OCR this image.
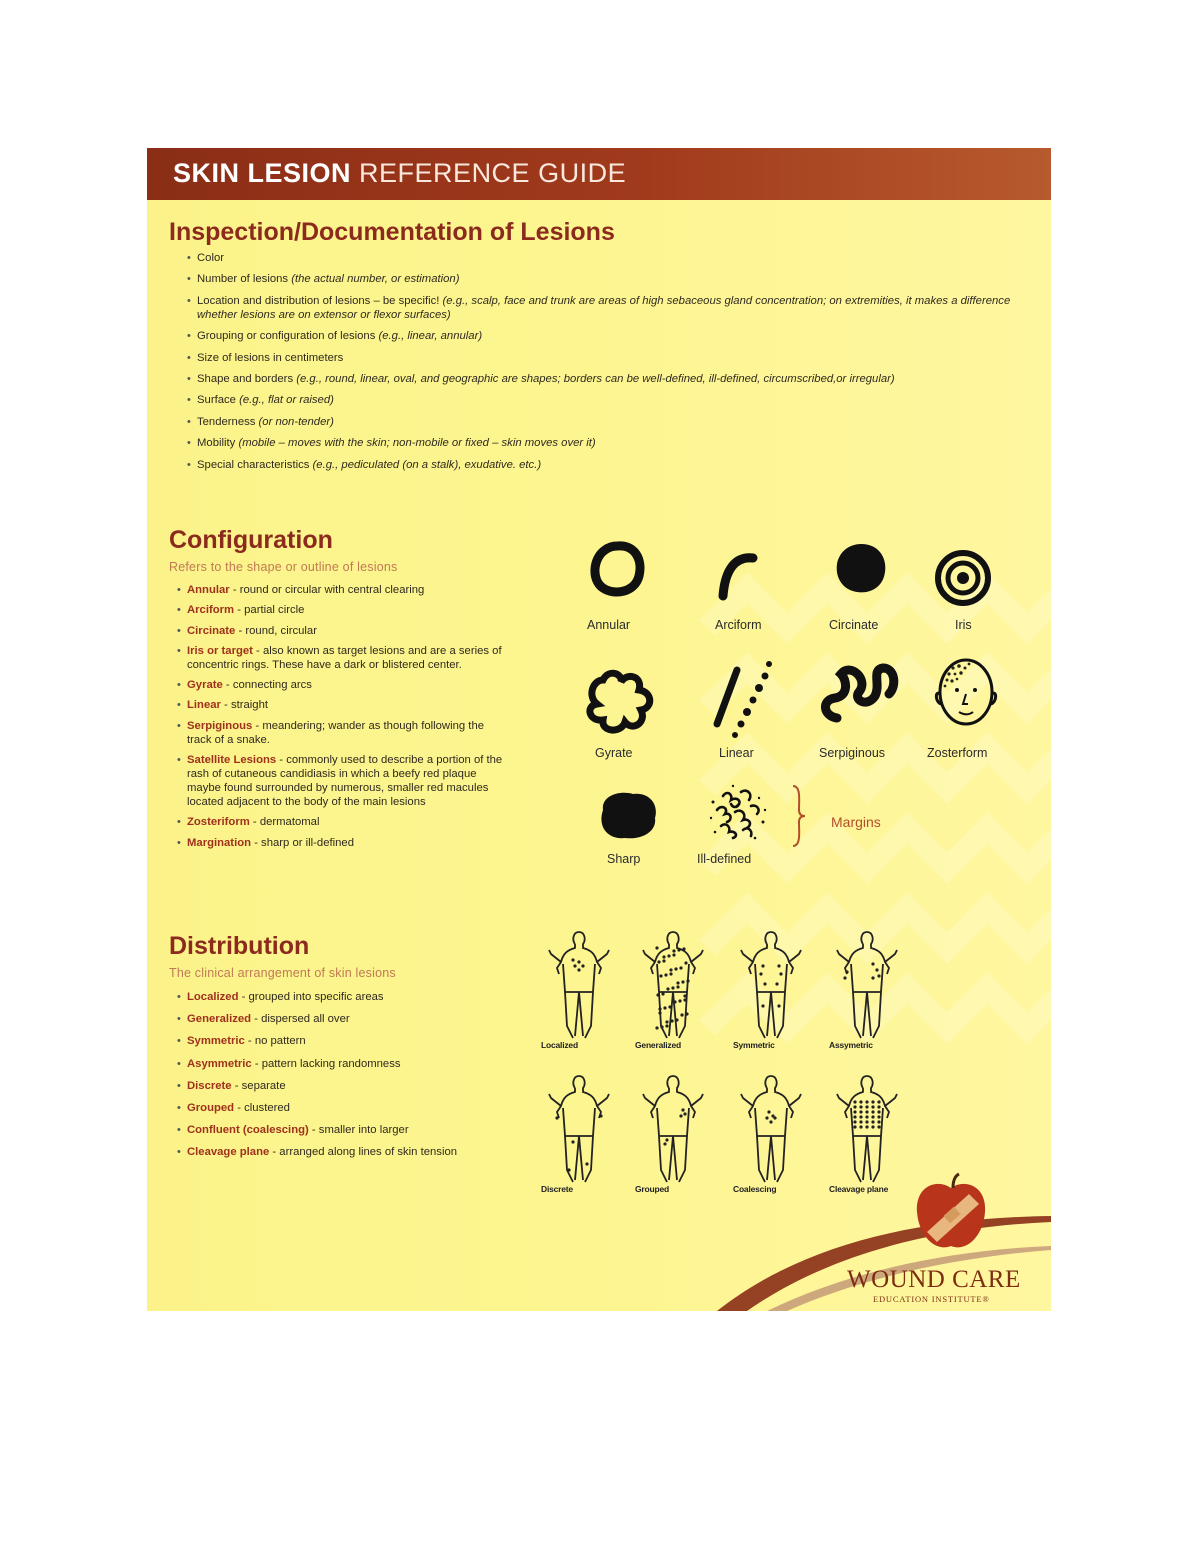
SKIN LESION REFERENCE GUIDE
Inspection/Documentation of Lesions
• Color
• Number of lesions (the actual number, or estimation)
• Location and distribution of lesions – be specific! (e.g., scalp, face and trunk are areas of high sebaceous gland concentration; on extremities, it makes a difference whether lesions are on extensor or flexor surfaces)
• Grouping or configuration of lesions (e.g., linear, annular)
• Size of lesions in centimeters
• Shape and borders (e.g., round, linear, oval, and geographic are shapes; borders can be well-defined, ill-defined, circumscribed,or irregular)
• Surface (e.g., flat or raised)
• Tenderness (or non-tender)
• Mobility (mobile – moves with the skin; non-mobile or fixed – skin moves over it)
• Special characteristics (e.g., pediculated (on a stalk), exudative. etc.)
Configuration
Refers to the shape or outline of lesions
• Annular - round or circular with central clearing
• Arciform - partial circle
• Circinate - round, circular
• Iris or target - also known as target lesions and are a series of concentric rings. These have a dark or blistered center.
• Gyrate - connecting arcs
• Linear - straight
• Serpiginous - meandering; wander as though following the track of a snake.
• Satellite Lesions - commonly used to describe a portion of the rash of cutaneous candidiasis in which a beefy red plaque maybe found surrounded by numerous, smaller red macules located adjacent to the body of the main lesions
• Zosteriform - dermatomal
• Margination - sharp or ill-defined
Distribution
The clinical arrangement of skin lesions
• Localized - grouped into specific areas
• Generalized - dispersed all over
• Symmetric - no pattern
• Asymmetric - pattern lacking randomness
• Discrete - separate
• Grouped - clustered
• Confluent (coalescing) - smaller into larger
• Cleavage plane - arranged along lines of skin tension
Annular	Arciform	Circinate	Iris
Gyrate	Linear	Serpiginous	Zosterform
Sharp	Ill-defined
Margins
Localized	Generalized	Symmetric	Assymetric
Discrete	Grouped	Coalescing	Cleavage plane
WOUND CARE
EDUCATION INSTITUTE®
